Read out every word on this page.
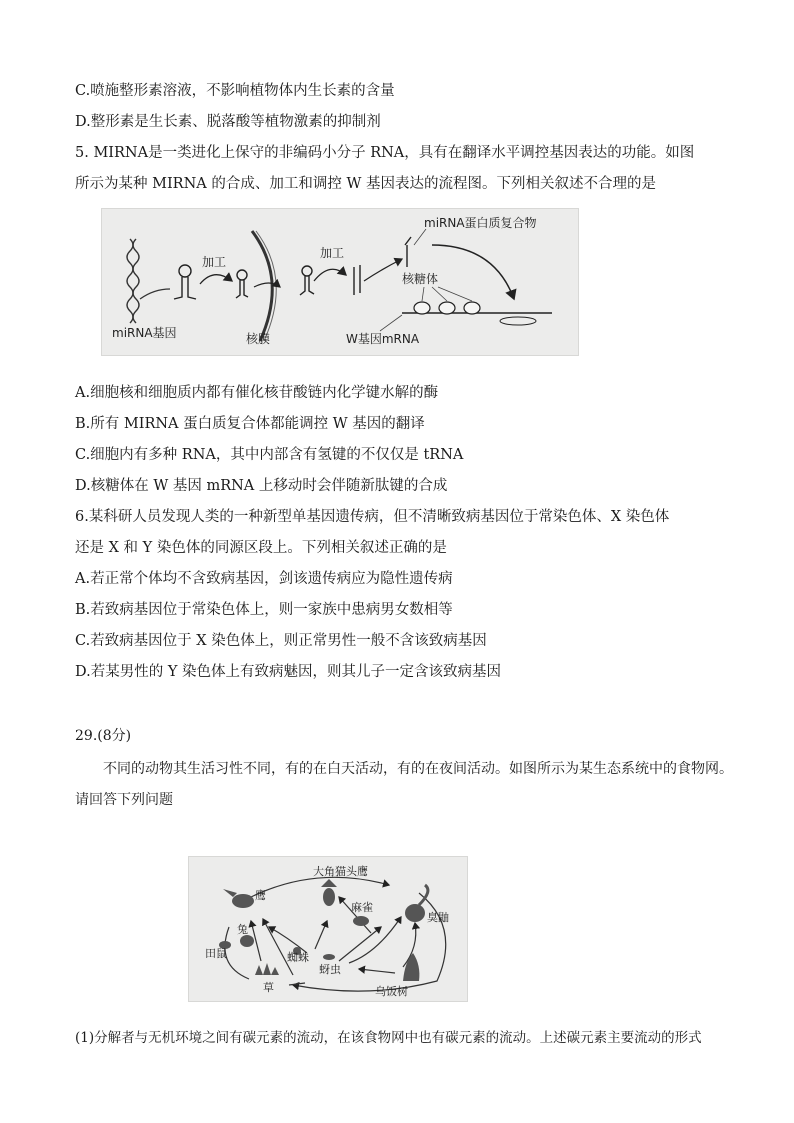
C.喷施整形素溶液，不影响植物体内生长素的含量
D.整形素是生长素、脱落酸等植物激素的抑制剂
5. MIRNA是一类进化上保守的非编码小分子 RNA，具有在翻译水平调控基因表达的功能。如图
所示为某种 MIRNA 的合成、加工和调控 W 基因表达的流程图。下列相关叙述不合理的是
加工
加工
miRNA蛋白质复合物
核糖体
miRNA基因	核膜	W基因mRNA
A.细胞核和细胞质内都有催化核苷酸链内化学键水解的酶
B.所有 MIRNA 蛋白质复合体都能调控 W 基因的翻译
C.细胞内有多种 RNA，其中内部含有氢键的不仅仅是 tRNA
D.核糖体在 W 基因 mRNA 上移动时会伴随新肽键的合成
6.某科研人员发现人类的一种新型单基因遗传病，但不清晰致病基因位于常染色体、X 染色体
还是 X 和 Y 染色体的同源区段上。下列相关叙述正确的是
A.若正常个体均不含致病基因，剑该遗传病应为隐性遗传病
B.若致病基因位于常染色体上，则一家族中患病男女数相等
C.若致病基因位于 X 染色体上，则正常男性一般不含该致病基因
D.若某男性的 Y 染色体上有致病魅因，则其儿子一定含该致病基因
29.(8分)
不同的动物其生活习性不同，有的在白天活动，有的在夜间活动。如图所示为某生态系统中的食物网。
请回答下列问题
大角猫头鹰
鹰
麻雀
臭鼬
兔
田鼠	蜘蛛
草
蚜虫
乌饭树
(1)分解者与无机环境之间有碳元素的流动，在该食物网中也有碳元素的流动。上述碳元素主要流动的形式
